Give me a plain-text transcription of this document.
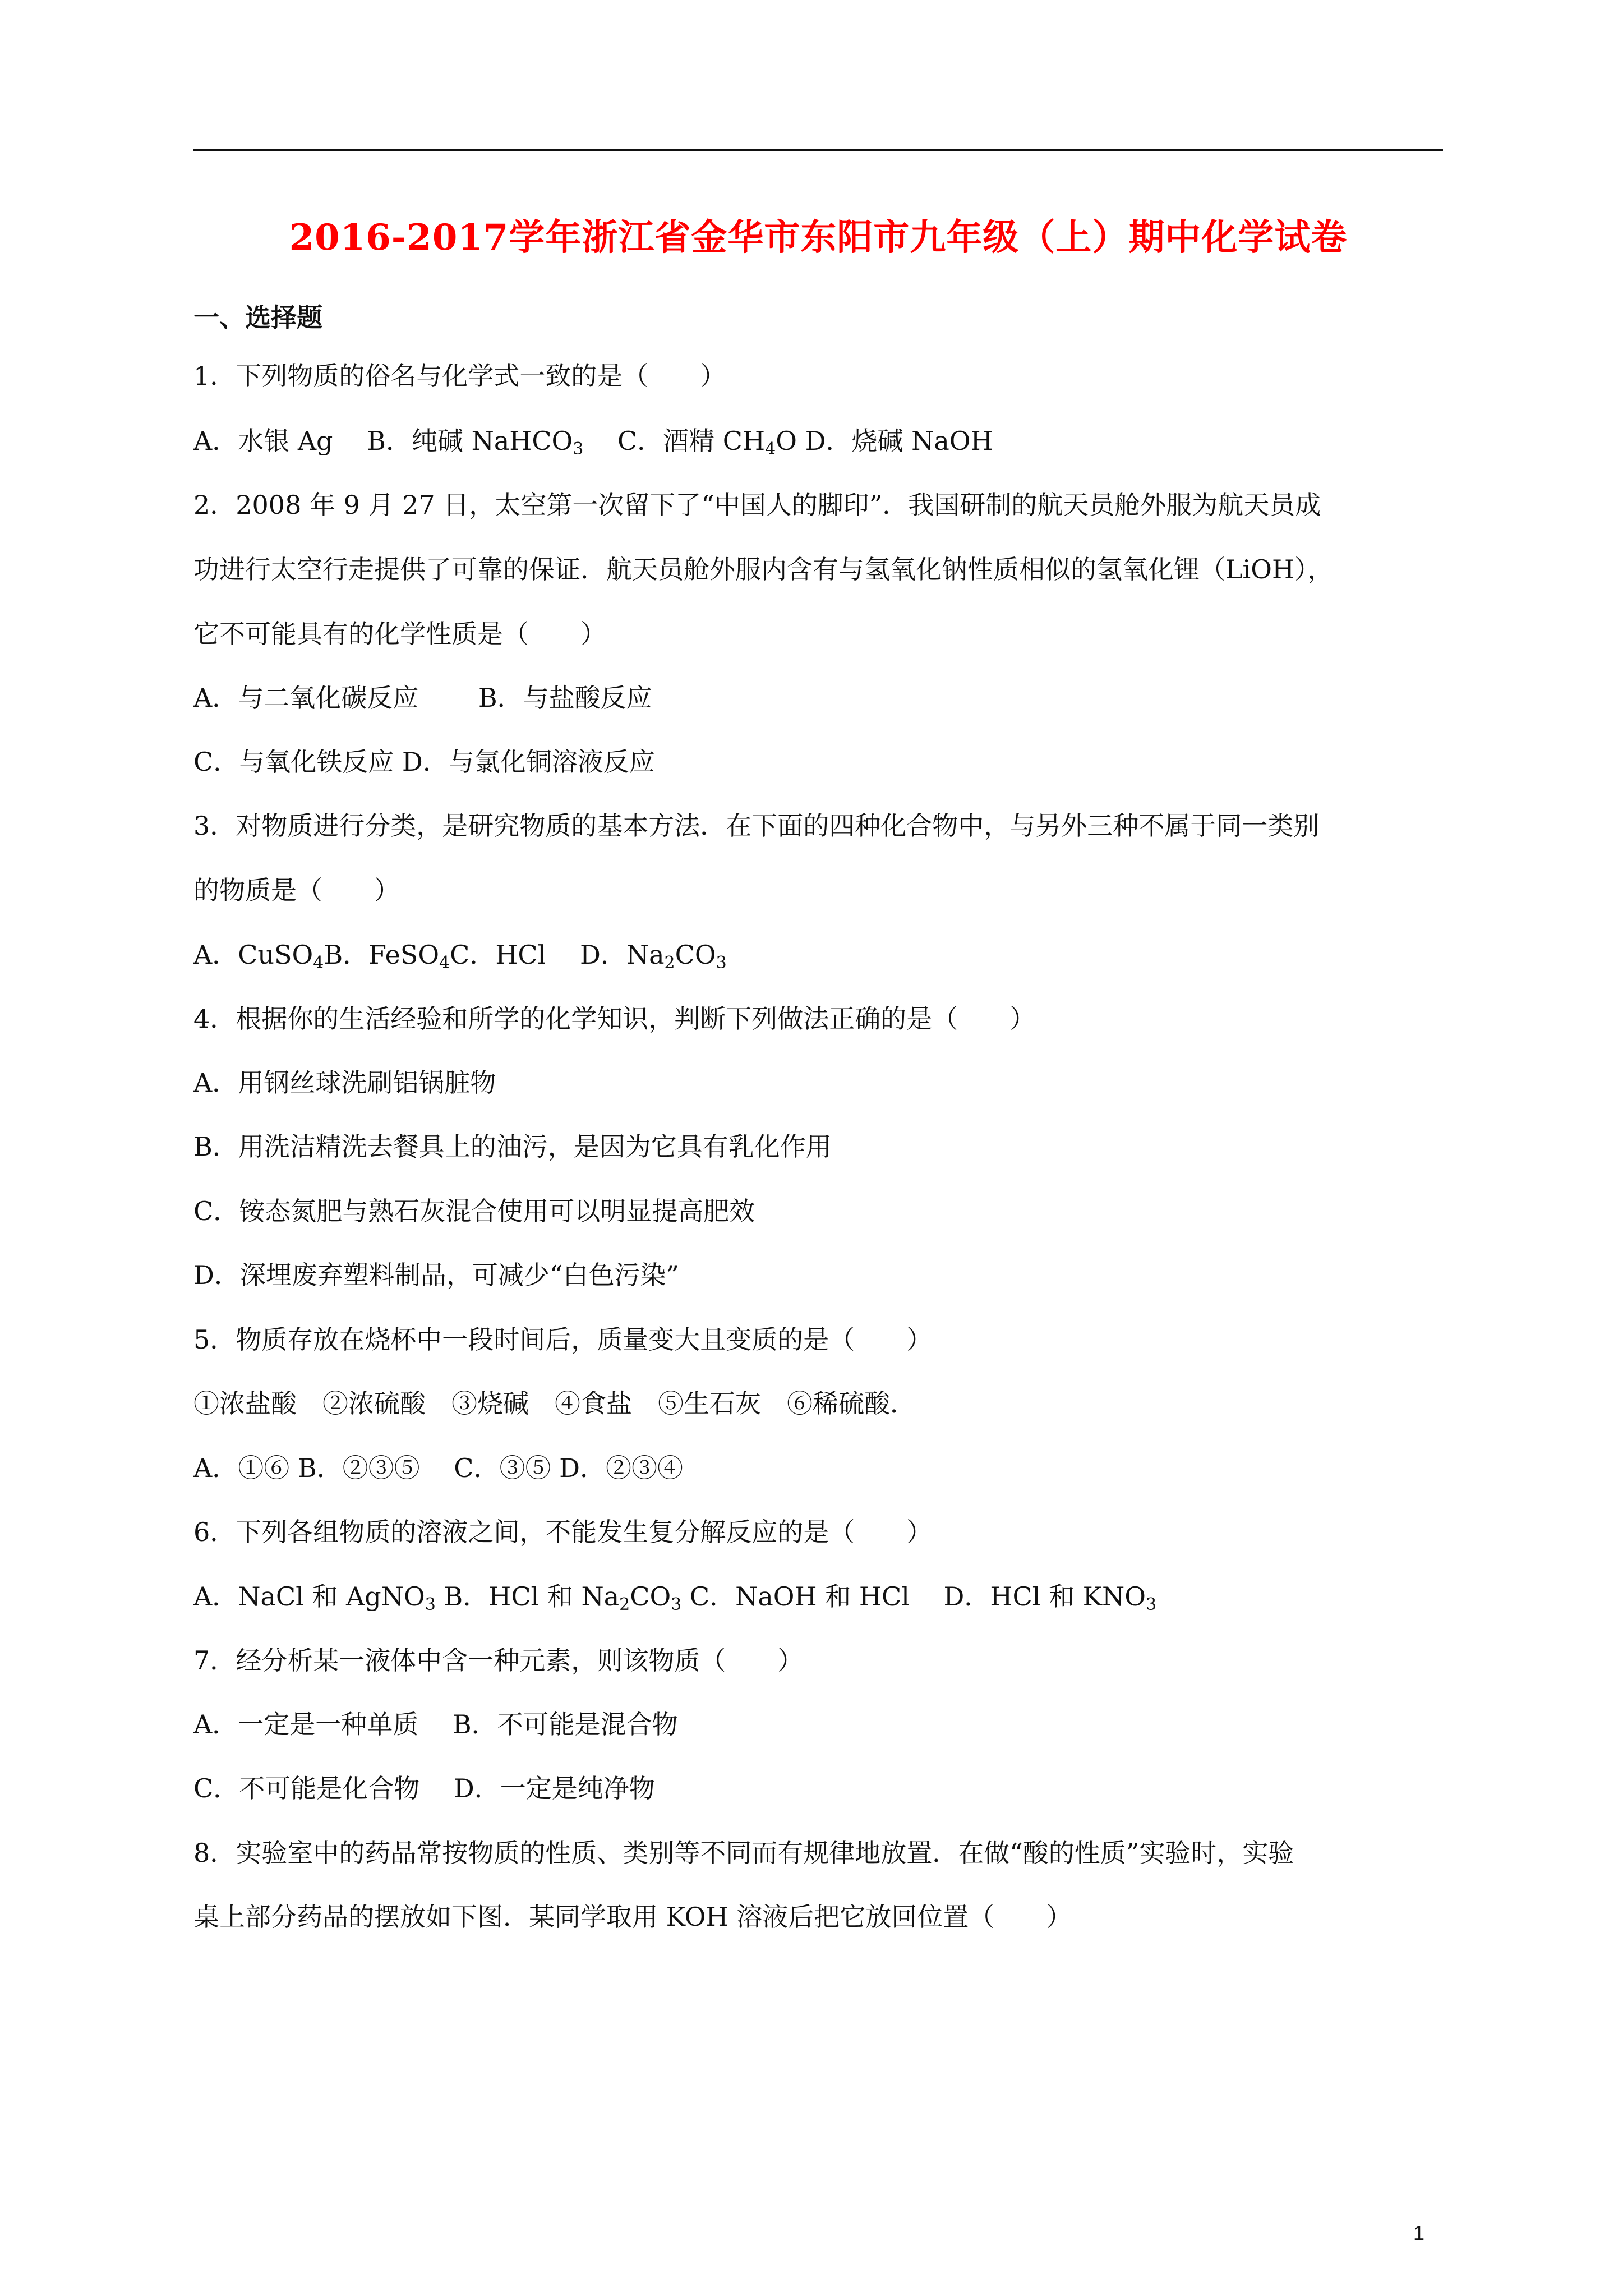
2016-2017学年浙江省金华市东阳市九年级（上）期中化学试卷
一、选择题
1．下列物质的俗名与化学式一致的是（　　）
A．水银 Ag B．纯碱 NaHCO$_3$ C．酒精 $CH_4O$ D．烧碱 NaOH
2．2008 年 9 月 27 日，太空第一次留下了“中国人的脚印”．我国研制的航天员舱外服为航天员成
功进行太空行走提供了可靠的保证．航天员舱外服内含有与氢氧化钠性质相似的氢氧化锂（LiOH），
它不可能具有的化学性质是（　　）
A．与二氧化碳反应 B．与盐酸反应
C．与氧化铁反应 D．与氯化铜溶液反应
3．对物质进行分类，是研究物质的基本方法．在下面的四种化合物中，与另外三种不属于同一类别
的物质是（　　）
A．CuSO$_4$B．FeSO$_4$C．HCl D．$Na_2CO_3$
4．根据你的生活经验和所学的化学知识，判断下列做法正确的是（　　）
A．用钢丝球洗刷铝锅脏物
B．用洗洁精洗去餐具上的油污，是因为它具有乳化作用
C．铵态氮肥与熟石灰混合使用可以明显提高肥效
D．深埋废弃塑料制品，可减少“白色污染”
5．物质存放在烧杯中一段时间后，质量变大且变质的是（　　）
①浓盐酸　②浓硫酸　③烧碱　④食盐　⑤生石灰　⑥稀硫酸．
A．①⑥ B．②③⑤ C．③⑤ D．②③④
6．下列各组物质的溶液之间，不能发生复分解反应的是（　　）
A．NaCl 和 AgNO$_3$ B．HCl 和 $Na_2CO_3$ C．NaOH 和 HCl D．HCl 和 $KNO_3$
7．经分析某一液体中含一种元素，则该物质（　　）
A．一定是一种单质 B．不可能是混合物
C．不可能是化合物 D．一定是纯净物
8．实验室中的药品常按物质的性质、类别等不同而有规律地放置．在做“酸的性质”实验时，实验
桌上部分药品的摆放如下图．某同学取用 KOH 溶液后把它放回位置（　　）
1
